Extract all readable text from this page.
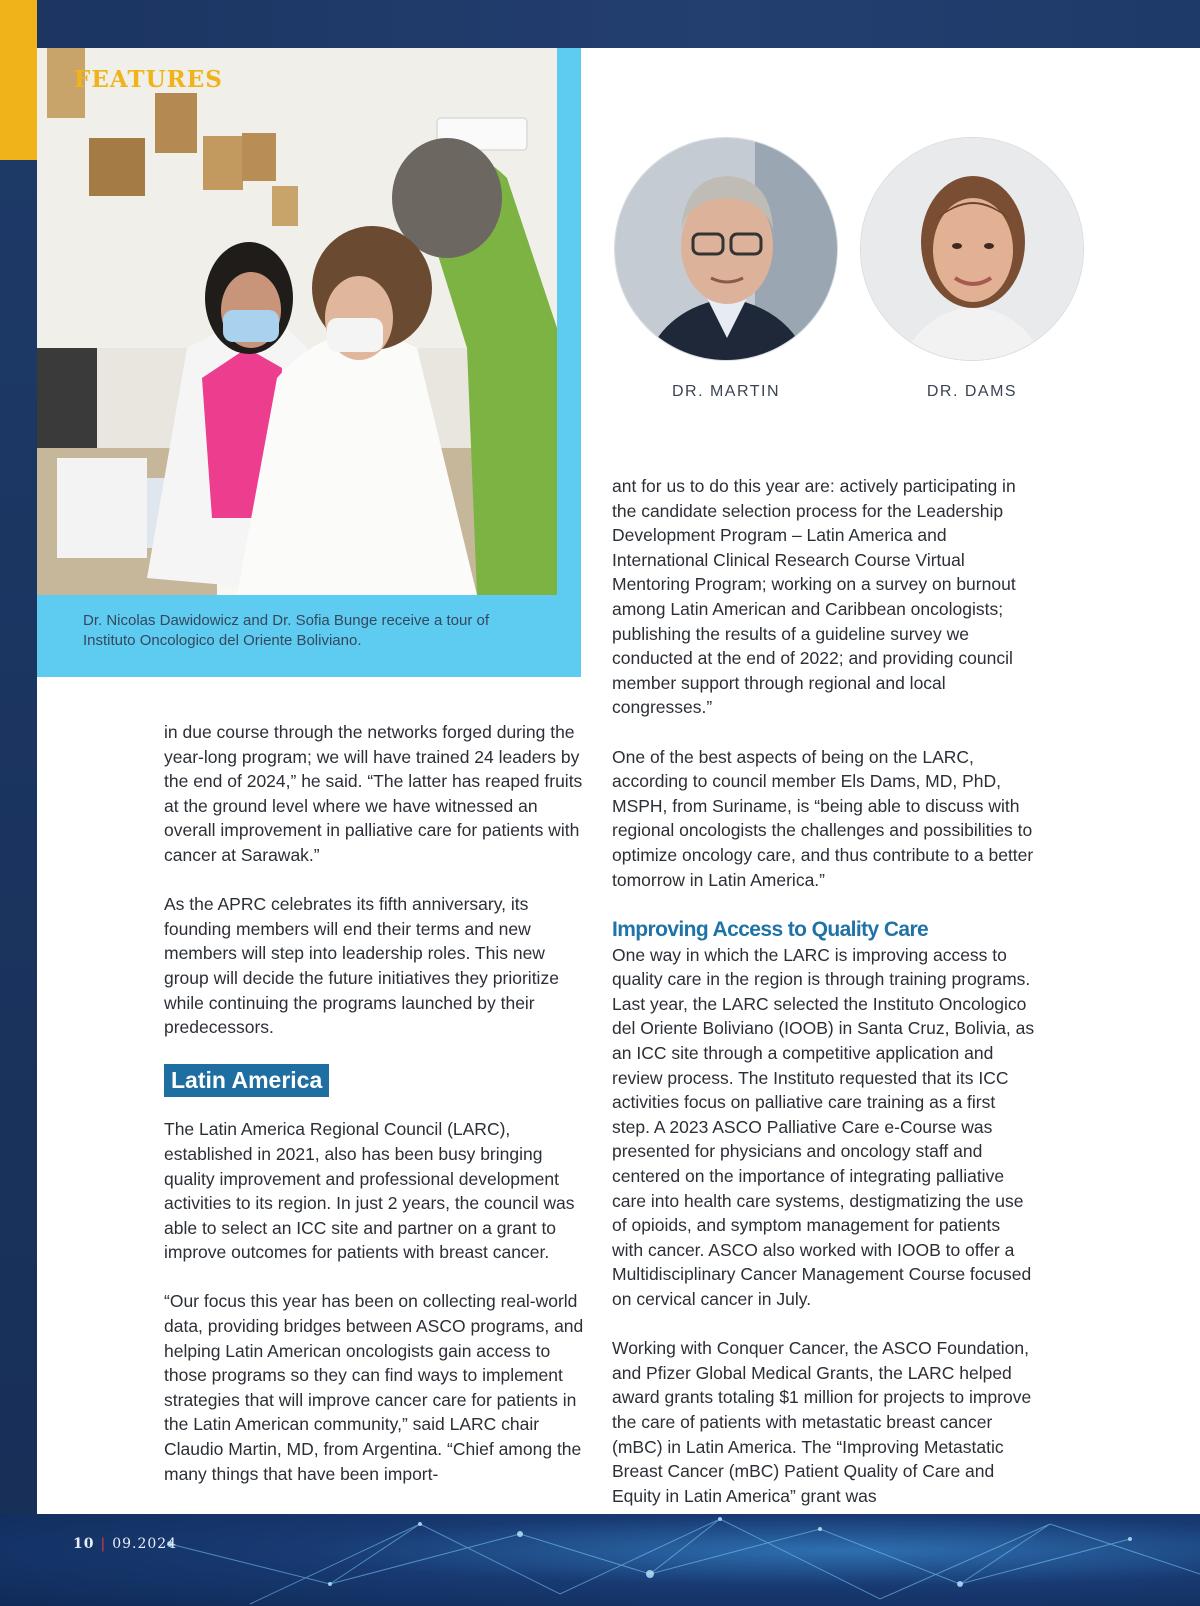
FEATURES
Dr. Nicolas Dawidowicz and Dr. Sofia Bunge receive a tour of Instituto Oncologico del Oriente Boliviano.
DR. MARTIN	DR. DAMS

in due course through the networks forged during the year-long program; we will have trained 24 leaders by the end of 2024,” he said. “The latter has reaped fruits at the ground level where we have witnessed an overall improvement in palliative care for patients with cancer at Sarawak.”

As the APRC celebrates its fifth anniversary, its founding members will end their terms and new members will step into leadership roles. This new group will decide the future initiatives they prioritize while continuing the programs launched by their predecessors.

Latin America

The Latin America Regional Council (LARC), established in 2021, also has been busy bringing quality improvement and professional development activities to its region. In just 2 years, the council was able to select an ICC site and partner on a grant to improve outcomes for patients with breast cancer.

“Our focus this year has been on collecting real-world data, providing bridges between ASCO programs, and helping Latin American oncologists gain access to those programs so they can find ways to implement strategies that will improve cancer care for patients in the Latin American community,” said LARC chair Claudio Martin, MD, from Argentina. “Chief among the many things that have been import-

ant for us to do this year are: actively participating in the candidate selection process for the Leadership Development Program – Latin America and International Clinical Research Course Virtual Mentoring Program; working on a survey on burnout among Latin American and Caribbean oncologists; publishing the results of a guideline survey we conducted at the end of 2022; and providing council member support through regional and local congresses.”

One of the best aspects of being on the LARC, according to council member Els Dams, MD, PhD, MSPH, from Suriname, is “being able to discuss with regional oncologists the challenges and possibilities to optimize oncology care, and thus contribute to a better tomorrow in Latin America.”

Improving Access to Quality Care

One way in which the LARC is improving access to quality care in the region is through training programs. Last year, the LARC selected the Instituto Oncologico del Oriente Boliviano (IOOB) in Santa Cruz, Bolivia, as an ICC site through a competitive application and review process. The Instituto requested that its ICC activities focus on palliative care training as a first step. A 2023 ASCO Palliative Care e-Course was presented for physicians and oncology staff and centered on the importance of integrating palliative care into health care systems, destigmatizing the use of opioids, and symptom management for patients with cancer. ASCO also worked with IOOB to offer a Multidisciplinary Cancer Management Course focused on cervical cancer in July.

Working with Conquer Cancer, the ASCO Foundation, and Pfizer Global Medical Grants, the LARC helped award grants totaling $1 million for projects to improve the care of patients with metastatic breast cancer (mBC) in Latin America. The “Improving Metastatic Breast Cancer (mBC) Patient Quality of Care and Equity in Latin America” grant was

10 | 09.2024
